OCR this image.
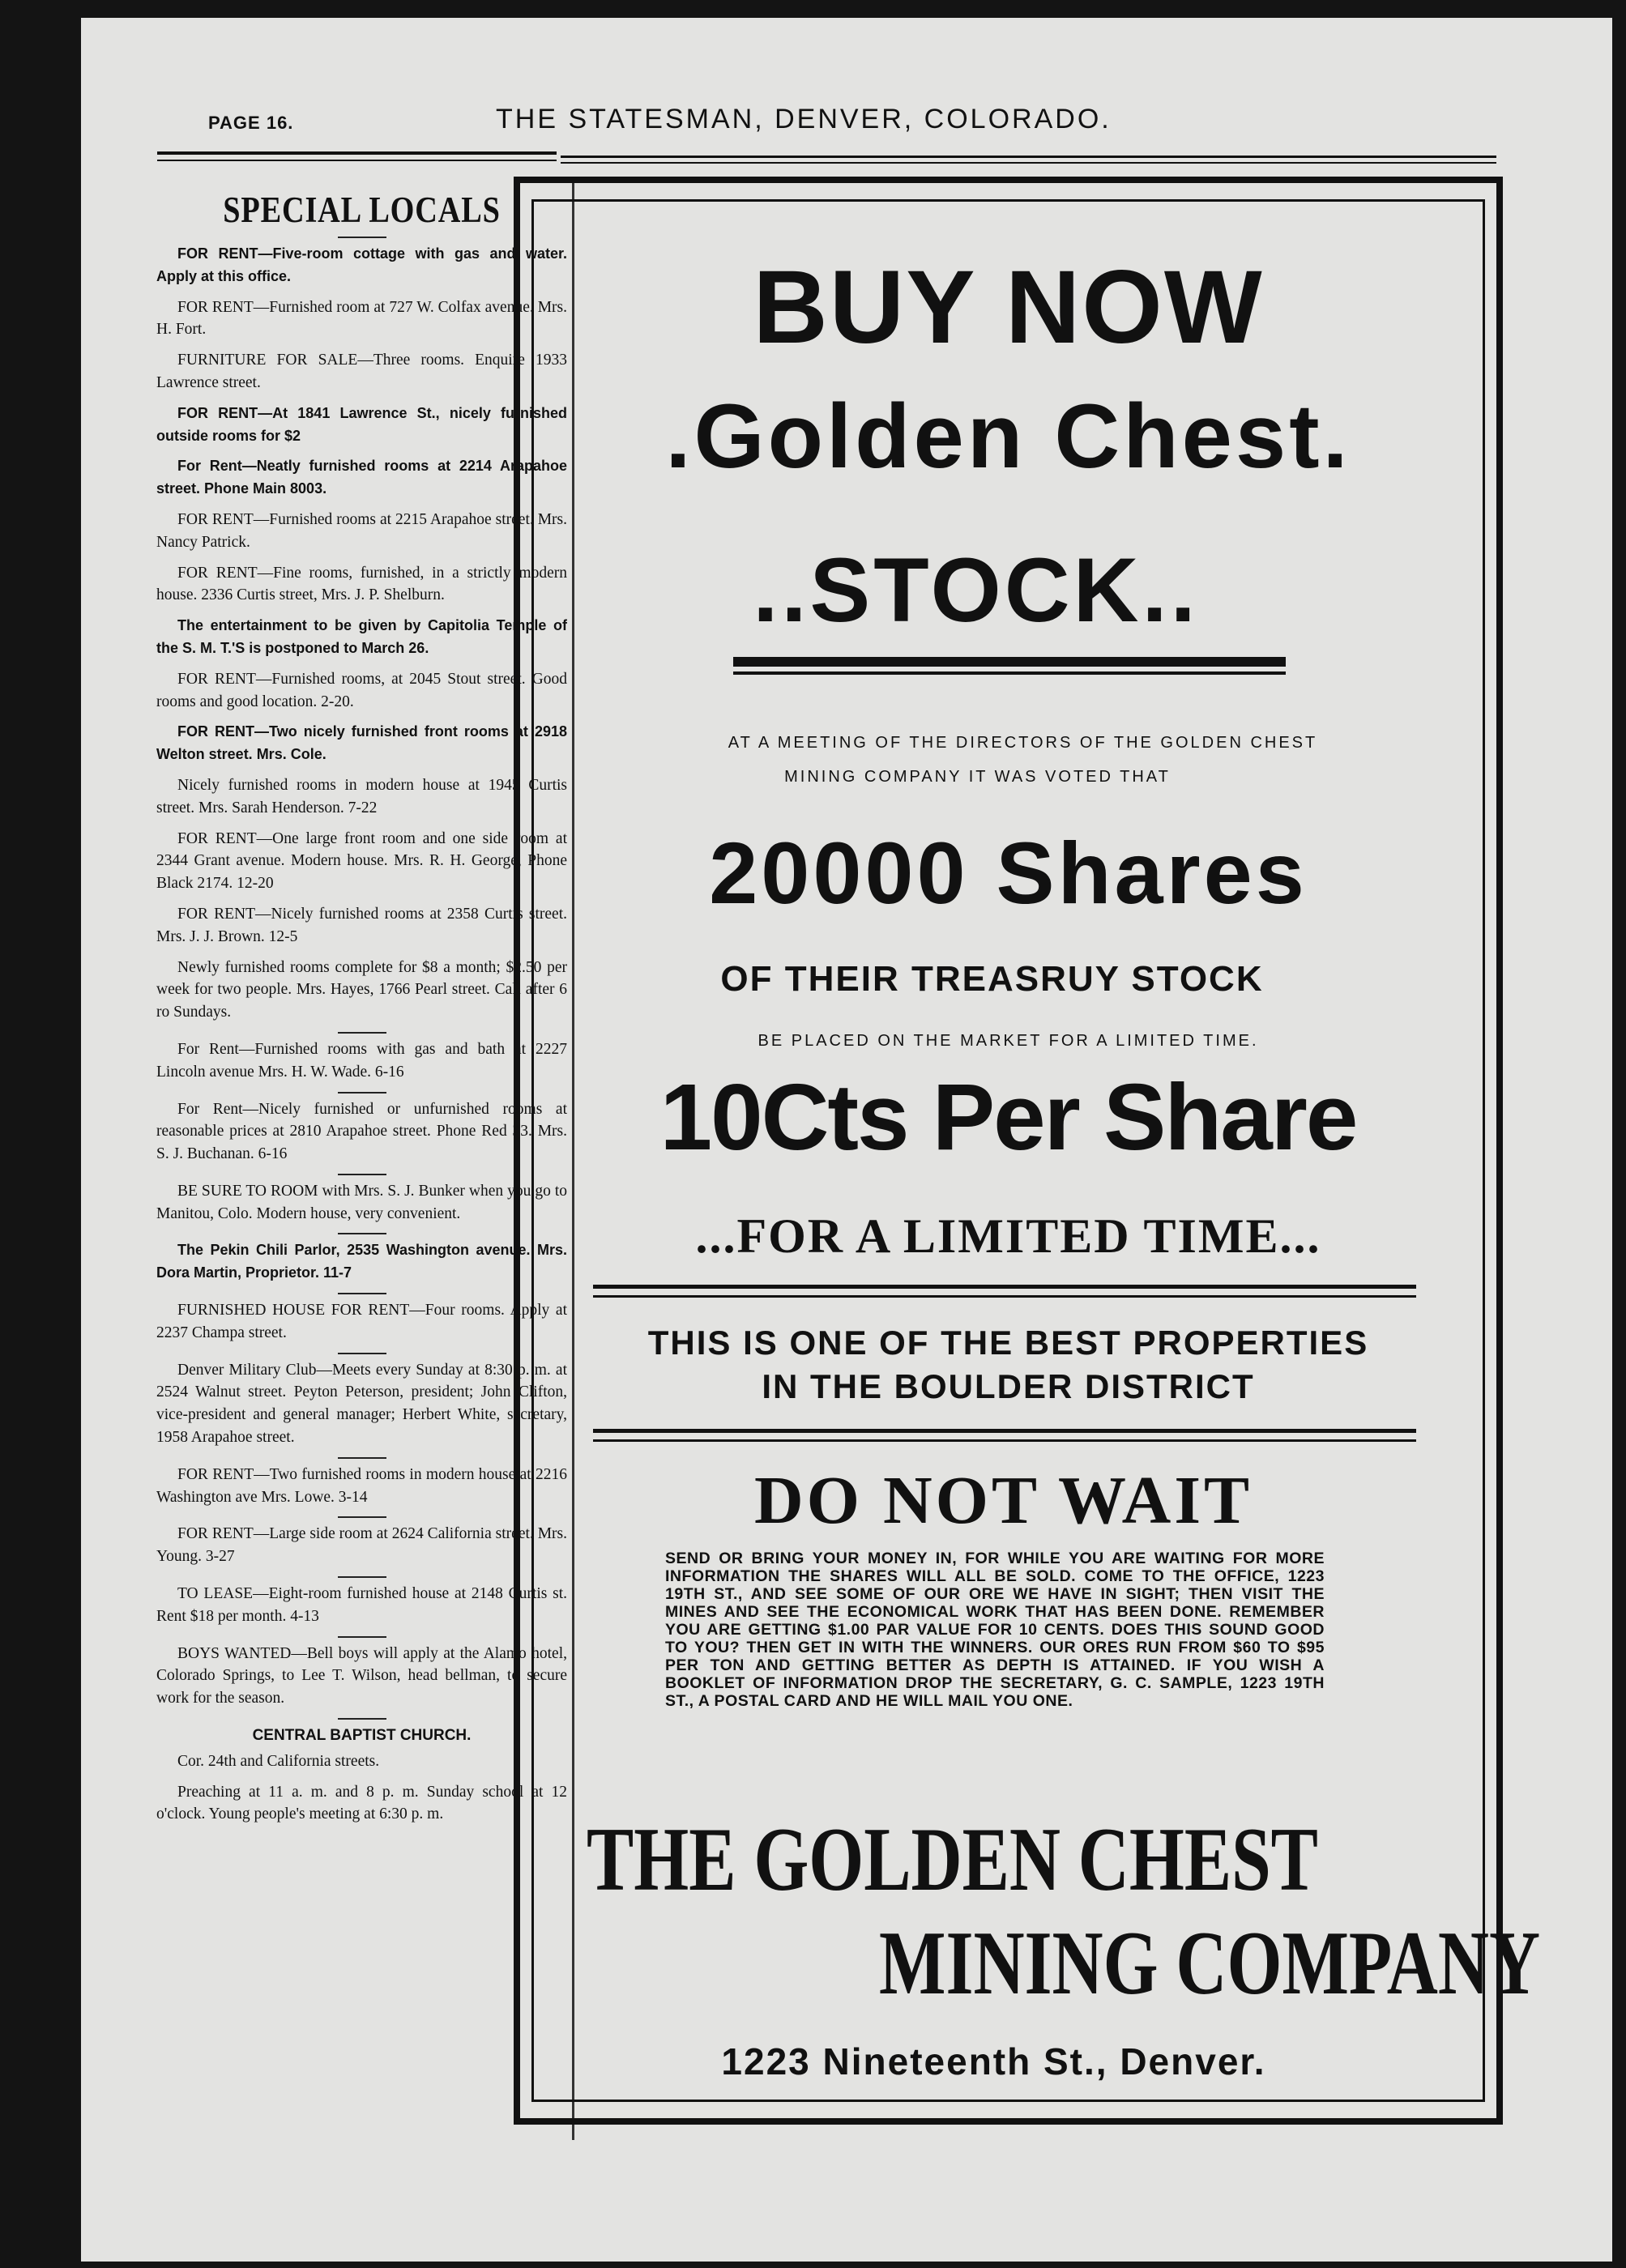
PAGE 16.	THE STATESMAN, DENVER, COLORADO.
SPECIAL LOCALS

FOR RENT—Five-room cottage with gas and water. Apply at this office.

FOR RENT—Furnished room at 727 W. Colfax avenue. Mrs. H. Fort.

FURNITURE FOR SALE—Three rooms. Enquire 1933 Lawrence street.

FOR RENT—At 1841 Lawrence St., nicely furnished outside rooms for $2

For Rent—Neatly furnished rooms at 2214 Arapahoe street. Phone Main 8003.

FOR RENT—Furnished rooms at 2215 Arapahoe street. Mrs. Nancy Patrick.

FOR RENT—Fine rooms, furnished, in a strictly modern house. 2336 Curtis street, Mrs. J. P. Shelburn.

The entertainment to be given by Capitolia Temple of the S. M. T.'S is postponed to March 26.

FOR RENT—Furnished rooms, at 2045 Stout street. Good rooms and good location. 2-20.

FOR RENT—Two nicely furnished front rooms at 2918 Welton street. Mrs. Cole.

Nicely furnished rooms in modern house at 1945 Curtis street. Mrs. Sarah Henderson. 7-22

FOR RENT—One large front room and one side room at 2344 Grant avenue. Modern house. Mrs. R. H. George, Phone Black 2174. 12-20

FOR RENT—Nicely furnished rooms at 2358 Curtis street. Mrs. J. J. Brown. 12-5

Newly furnished rooms complete for $8 a month; $2.50 per week for two people. Mrs. Hayes, 1766 Pearl street. Call after 6 ro Sundays.

For Rent—Furnished rooms with gas and bath at 2227 Lincoln avenue Mrs. H. W. Wade. 6-16

For Rent—Nicely furnished or unfurnished rooms at reasonable prices at 2810 Arapahoe street. Phone Red 33. Mrs. S. J. Buchanan. 6-16

BE SURE TO ROOM with Mrs. S. J. Bunker when you go to Manitou, Colo. Modern house, very convenient.

The Pekin Chili Parlor, 2535 Washington avenue. Mrs. Dora Martin, Proprietor. 11-7

FURNISHED HOUSE FOR RENT—Four rooms. Apply at 2237 Champa street.

Denver Military Club—Meets every Sunday at 8:30 p. m. at 2524 Walnut street. Peyton Peterson, president; John Clifton, vice-president and general manager; Herbert White, secretary, 1958 Arapahoe street.

FOR RENT—Two furnished rooms in modern house at 2216 Washington ave Mrs. Lowe. 3-14

FOR RENT—Large side room at 2624 California street. Mrs. Young. 3-27

TO LEASE—Eight-room furnished house at 2148 Curtis st. Rent $18 per month. 4-13

BOYS WANTED—Bell boys will apply at the Alamo hotel, Colorado Springs, to Lee T. Wilson, head bellman, to secure work for the season.

CENTRAL BAPTIST CHURCH.

Cor. 24th and California streets.

Preaching at 11 a. m. and 8 p. m. Sunday school at 12 o'clock. Young people's meeting at 6:30 p. m.

BUY NOW
.Golden Chest.
..STOCK..
AT A MEETING OF THE DIRECTORS OF THE GOLDEN CHEST
MINING COMPANY IT WAS VOTED THAT
20000 Shares
OF THEIR TREASRUY STOCK
BE PLACED ON THE MARKET FOR A LIMITED TIME.
10Cts Per Share
...FOR A LIMITED TIME...
THIS IS ONE OF THE BEST PROPERTIES
IN THE BOULDER DISTRICT
DO NOT WAIT
SEND OR BRING YOUR MONEY IN, FOR WHILE YOU ARE WAITING FOR MORE INFORMATION THE SHARES WILL ALL BE SOLD. COME TO THE OFFICE, 1223 19TH ST., AND SEE SOME OF OUR ORE WE HAVE IN SIGHT; THEN VISIT THE MINES AND SEE THE ECONOMICAL WORK THAT HAS BEEN DONE. REMEMBER YOU ARE GETTING $1.00 PAR VALUE FOR 10 CENTS. DOES THIS SOUND GOOD TO YOU? THEN GET IN WITH THE WINNERS. OUR ORES RUN FROM $60 TO $95 PER TON AND GETTING BETTER AS DEPTH IS ATTAINED. IF YOU WISH A BOOKLET OF INFORMATION DROP THE SECRETARY, G. C. SAMPLE, 1223 19TH ST., A POSTAL CARD AND HE WILL MAIL YOU ONE.
THE GOLDEN CHEST
MINING COMPANY
1223 Nineteenth St., Denver.
